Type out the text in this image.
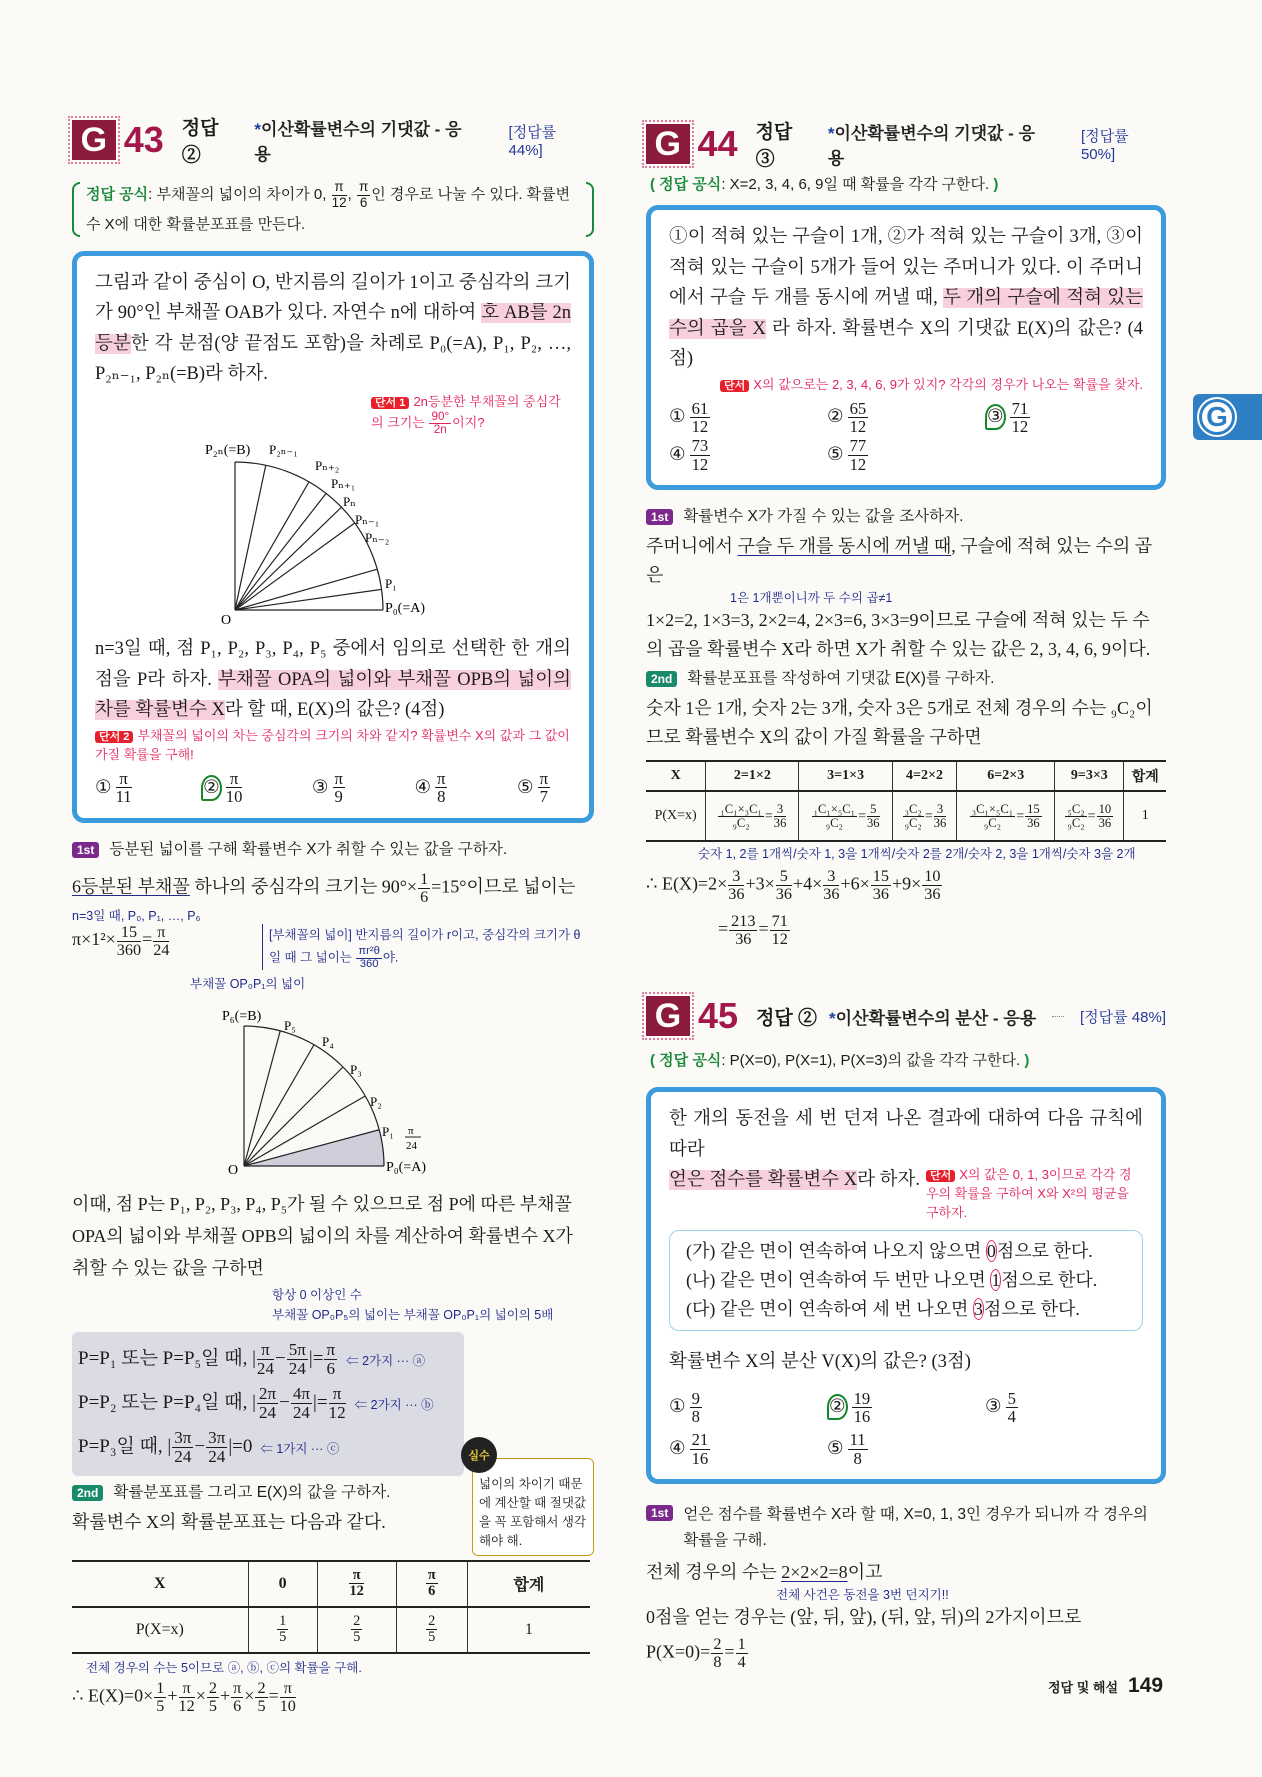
G 43 정답 ②
*이산확률변수의 기댓값 - 응용
[정답률 44%]
정답 공식: 부채꼴의 넓이의 차이가 0, $\frac{\pi}{12}$ , $\frac{\pi}{6}$ 인 경우로 나눌 수 있다. 확률변수 X에 대한 확률분포표를 만든다.
그림과 같이 중심이 O, 반지름의 길이가 1이고 중심각의 크기가 90°인 부채꼴 OAB가 있다. 자연수 n에 대하여 호 AB를 2n등분한 각 분점(양 끝점도 포함)을 차례로 P₀(=A), P₁, P₂, …, P₂ₙ₋₁, P₂ₙ(=B)라 하자.
단서 1 2n등분한 부채꼴의 중심각의 크기는 $\frac{90^\circ}{2n}$ 이지?
P₂ₙ(=B) P₂ₙ₋₁
Pₙ₊₂
Pₙ₊₁
Pₙ
Pₙ₋₁
Pₙ₋₂
P₁
P₀(=A)
O
n=3일 때, 점 P₁, P₂, P₃, P₄, P₅ 중에서 임의로 선택한 한 개의 점을 P라 하자. 부채꼴 OPA의 넓이와 부채꼴 OPB의 넓이의 차를 확률변수 X라 할 때, E(X)의 값은? (4점)
단서 2 부채꼴의 넓이의 차는 중심각의 크기의 차와 같지? 확률변수 X의 값과 그 값이 가질 확률을 구해!
① $\frac{\pi}{11}$	② $\frac{\pi}{10}$	③ $\frac{\pi}{9}$	④ $\frac{\pi}{8}$	⑤ $\frac{\pi}{7}$
1st 등분된 넓이를 구해 확률변수 X가 취할 수 있는 값을 구하자.
6등분된 부채꼴 하나의 중심각의 크기는 $90^\circ\times \frac{1}{6} =15^\circ$이므로 넓이는
n=3일 때, P₀, P₁, …, P₆
$\pi\times 1^2\times \frac{15}{360} = \frac{\pi}{24}$	[부채꼴의 넓이] 반지름의 길이가 r이고, 중심각의 크기가 θ일 때 그 넓이는 $\frac{\text{πr²θ}}{360}$ 야.
부채꼴 OP₀P₁의 넓이
P₆(=B)
P₅
P₄
P₃
P₂
P₁ π
24
P₀(=A)
O
이때, 점 P는 P₁, P₂, P₃, P₄, P₅가 될 수 있으므로 점 P에 따른 부채꼴 OPA의 넓이와 부채꼴 OPB의 넓이의 차를 계산하여 확률변수 X가 취할 수 있는 값을 구하면
항상 0 이상인 수
부채꼴 OP₀P₅의 넓이는 부채꼴 OP₀P₁의 넓이의 5배
P=P₁ 또는 P=P₅일 때, | $\frac{\pi}{24} - \frac{5\pi}{24}$ |= $\frac{\pi}{6}$ ⇐ 2가지 ··· ⓐ
P=P₂ 또는 P=P₄일 때, | $\frac{2\pi}{24} - \frac{4\pi}{24}$ |= $\frac{\pi}{12}$ ⇐ 2가지 ··· ⓑ
P=P₃일 때, | $\frac{3\pi}{24} - \frac{3\pi}{24} |=0$ ⇐ 1가지 ··· ⓒ	실수
넓이의 차이기 때문에 계산할 때 절댓값을 꼭 포함해서 생각해야 해.
2nd 확률분포표를 그리고 E(X)의 값을 구하자.
확률변수 X의 확률분포표는 다음과 같다.
X	0	$\frac{\pi}{12}$	$\frac{\pi}{6}$	합계
P(X=x)	$\frac{1}{5}$	$\frac{2}{5}$	$\frac{2}{5}$	1
전체 경우의 수는 5이므로 ⓐ, ⓑ, ⓒ의 확률을 구해.
∴ $E(X)=0\times \frac{1}{5} + \frac{\pi}{12} \times \frac{2}{5} + \frac{\pi}{6} \times \frac{2}{5} = \frac{\pi}{10}$
G 44 정답 ③
*이산확률변수의 기댓값 - 응용
[정답률 50%]
( 정답 공식: X=2, 3, 4, 6, 9일 때 확률을 각각 구한다. )
①이 적혀 있는 구슬이 1개, ②가 적혀 있는 구슬이 3개, ③이 적혀 있는 구슬이 5개가 들어 있는 주머니가 있다. 이 주머니에서 구슬 두 개를 동시에 꺼낼 때, 두 개의 구슬에 적혀 있는 수의 곱을 X 라 하자. 확률변수 X의 기댓값 E(X)의 값은? (4점)
단서 X의 값으로는 2, 3, 4, 6, 9가 있지? 각각의 경우가 나오는 확률을 찾자.
① $\frac{61}{12}$	② $\frac{65}{12}$	③ $\frac{71}{12}$
④ $\frac{73}{12}$	⑤ $\frac{77}{12}$
1st 확률변수 X가 가질 수 있는 값을 조사하자.
주머니에서 구슬 두 개를 동시에 꺼낼 때, 구슬에 적혀 있는 수의 곱은
1은 1개뿐이니까 두 수의 곱≠1
1×2=2, 1×3=3, 2×2=4, 2×3=6, 3×3=9이므로 구슬에 적혀 있는 두 수의 곱을 확률변수 X라 하면 X가 취할 수 있는 값은 2, 3, 4, 6, 9이다.
2nd 확률분포표를 작성하여 기댓값 E(X)를 구하자.
숫자 1은 1개, 숫자 2는 3개, 숫자 3은 5개로 전체 경우의 수는 ₉C₂이므로 확률변수 X의 값이 가질 확률을 구하면
X	2=1×2	3=1×3	4=2×2	6=2×3	9=3×3	합계
P(X=x)	$\frac{\text{₁C₁×₃C₁}}{\text{₉C₂}} = \frac{3}{36}$	$\frac{\text{₁C₁×₅C₁}}{\text{₉C₂}} = \frac{5}{36}$	$\frac{\text{₃C₂}}{\text{₉C₂}} = \frac{3}{36}$	$\frac{\text{₃C₁×₅C₁}}{\text{₉C₂}} = \frac{15}{36}$	$\frac{\text{₅C₂}}{\text{₉C₂}} = \frac{10}{36}$	1
숫자 1, 2를 1개씩/숫자 1, 3을 1개씩/숫자 2를 2개/숫자 2, 3을 1개씩/숫자 3을 2개
∴ $E(X)=2\times \frac{3}{36} +3\times \frac{5}{36} +4\times \frac{3}{36} +6\times \frac{15}{36} +9\times \frac{10}{36}$
= $\frac{213}{36} = \frac{71}{12}$
G 45 정답 ② *이산확률변수의 분산 - 응용	[정답률 48%]
( 정답 공식: P(X=0), P(X=1), P(X=3)의 값을 각각 구한다. )
한 개의 동전을 세 번 던져 나온 결과에 대하여 다음 규칙에 따라
얻은 점수를 확률변수 X라 하자. 단서 X의 값은 0, 1, 3이므로 각각 경우의 확률을 구하여 X와 X²의 평균을 구하자.
(가) 같은 면이 연속하여 나오지 않으면 0점으로 한다.
(나) 같은 면이 연속하여 두 번만 나오면 1점으로 한다.
(다) 같은 면이 연속하여 세 번 나오면 3점으로 한다.
확률변수 X의 분산 V(X)의 값은? (3점)
① $\frac{9}{8}$	② $\frac{19}{16}$	③ $\frac{5}{4}$
④ $\frac{21}{16}$	⑤ $\frac{11}{8}$
1st 얻은 점수를 확률변수 X라 할 때, X=0, 1, 3인 경우가 되니까 각 경우의 확률을 구해.
전체 경우의 수는 2×2×2=8이고
전체 사건은 동전을 3번 던지기!!
0점을 얻는 경우는 (앞, 뒤, 앞), (뒤, 앞, 뒤)의 2가지이므로
$P(X=0)= \frac{2}{8} = \frac{1}{4}$
G
정답 및 해설 149
